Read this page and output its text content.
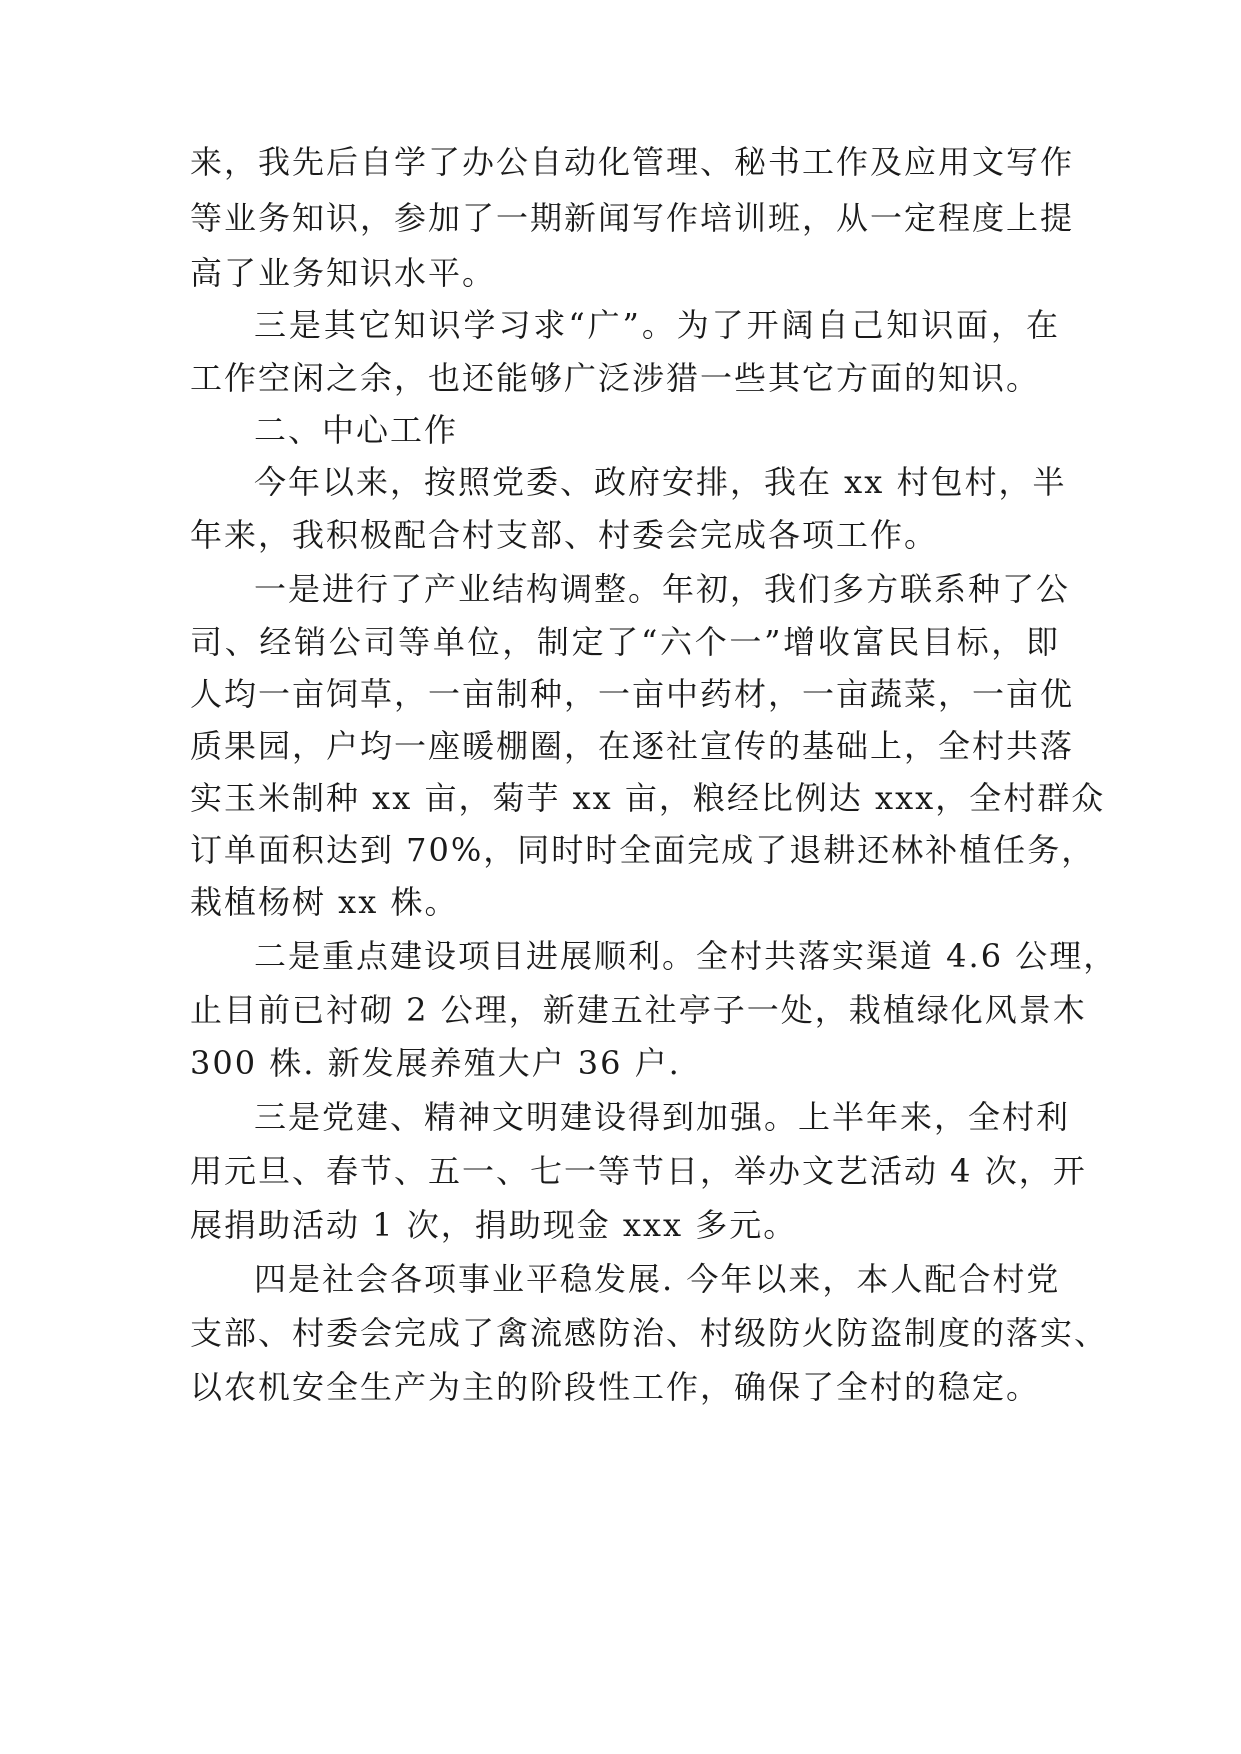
来，我先后自学了办公自动化管理、秘书工作及应用文写作
等业务知识，参加了一期新闻写作培训班，从一定程度上提
高了业务知识水平。
三是其它知识学习求“广”。为了开阔自己知识面，在
工作空闲之余，也还能够广泛涉猎一些其它方面的知识。
二、中心工作
今年以来，按照党委、政府安排，我在 xx 村包村，半
年来，我积极配合村支部、村委会完成各项工作。
一是进行了产业结构调整。年初，我们多方联系种了公
司、经销公司等单位，制定了“六个一”增收富民目标，即
人均一亩饲草，一亩制种，一亩中药材，一亩蔬菜，一亩优
质果园，户均一座暖棚圈，在逐社宣传的基础上，全村共落
实玉米制种 xx 亩，菊芋 xx 亩，粮经比例达 xxx，全村群众
订单面积达到 70%，同时时全面完成了退耕还林补植任务，
栽植杨树 xx 株。
二是重点建设项目进展顺利。全村共落实渠道 4.6 公理，
止目前已衬砌 2 公理，新建五社亭子一处，栽植绿化风景木
300 株. 新发展养殖大户 36 户.
三是党建、精神文明建设得到加强。上半年来，全村利
用元旦、春节、五一、七一等节日，举办文艺活动 4 次，开
展捐助活动 1 次，捐助现金 xxx 多元。
四是社会各项事业平稳发展. 今年以来，本人配合村党
支部、村委会完成了禽流感防治、村级防火防盗制度的落实、
以农机安全生产为主的阶段性工作，确保了全村的稳定。
